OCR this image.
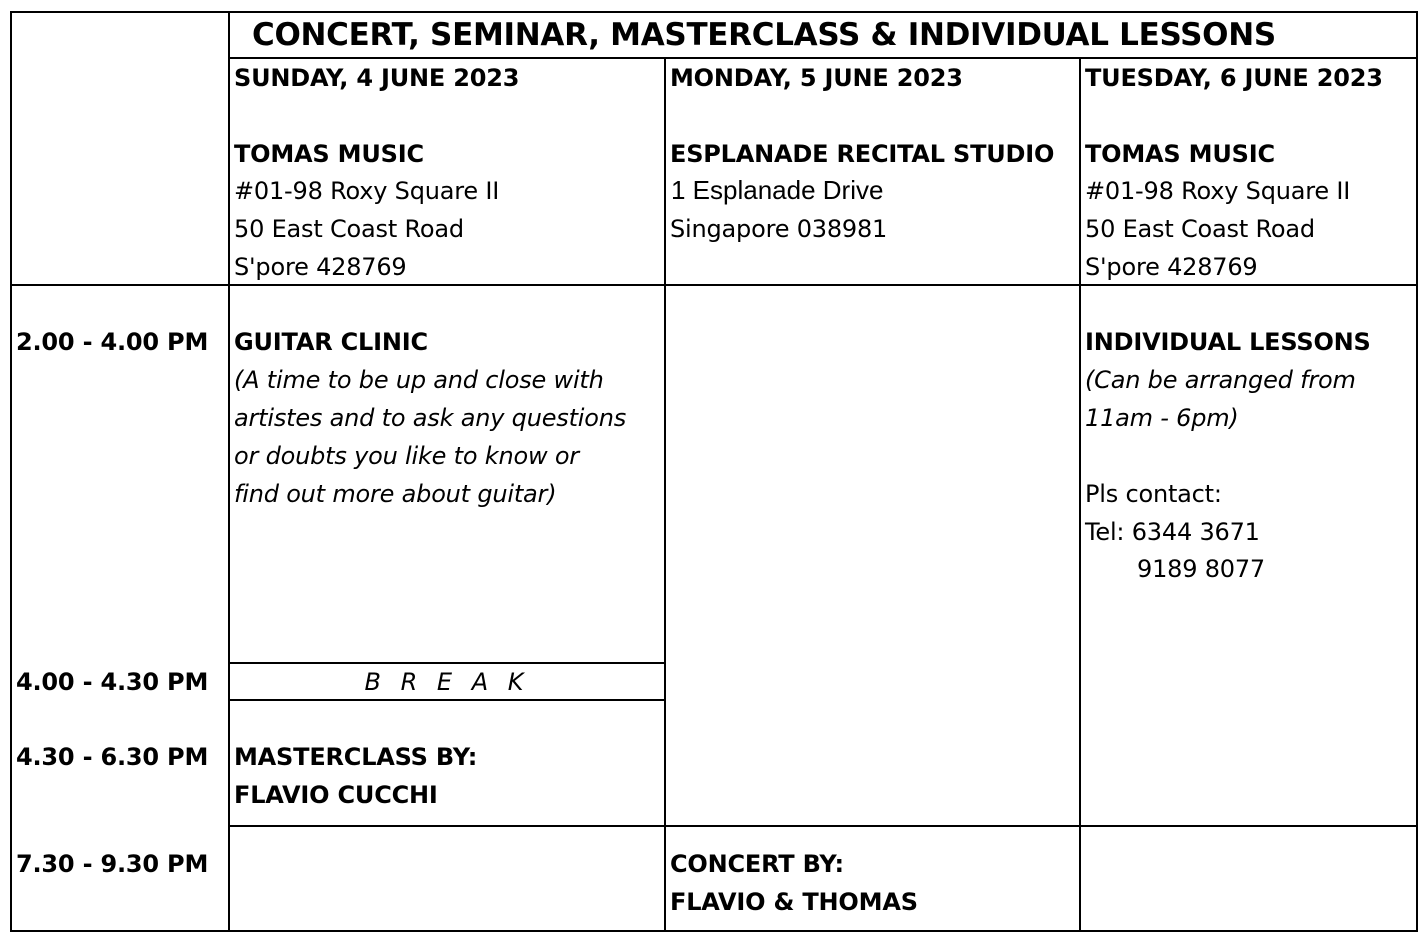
CONCERT, SEMINAR, MASTERCLASS & INDIVIDUAL LESSONS
SUNDAY, 4 JUNE 2023
TOMAS MUSIC
#01-98 Roxy Square II
50 East Coast Road
S'pore 428769
MONDAY, 5 JUNE 2023
ESPLANADE RECITAL STUDIO
1 Esplanade Drive
Singapore 038981
TUESDAY, 6 JUNE 2023
TOMAS MUSIC
#01-98 Roxy Square II
50 East Coast Road
S'pore 428769
2.00 - 4.00 PM
4.00 - 4.30 PM
4.30 - 6.30 PM
7.30 - 9.30 PM
GUITAR CLINIC
(A time to be up and close with
artistes and to ask any questions
or doubts you like to know or
find out more about guitar)
B R E A K
MASTERCLASS BY:
FLAVIO CUCCHI
CONCERT BY:
FLAVIO & THOMAS
INDIVIDUAL LESSONS
(Can be arranged from
11am - 6pm)
Pls contact:
Tel: 6344 3671
9189 8077
